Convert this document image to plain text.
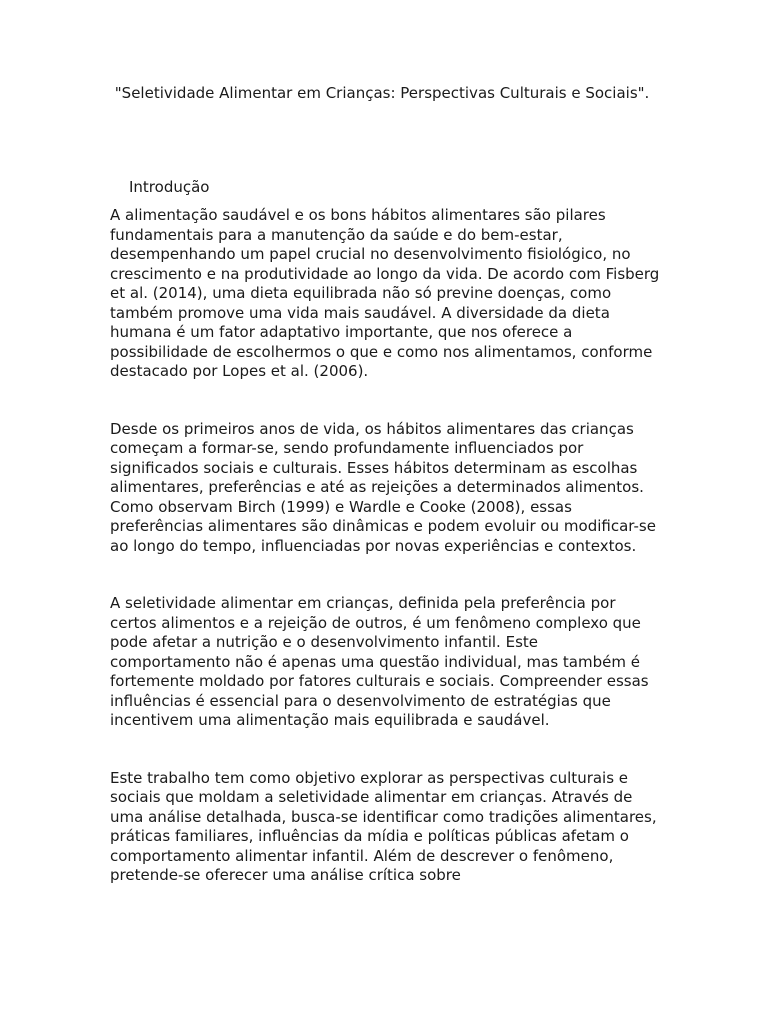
"Seletividade Alimentar em Crianças: Perspectivas Culturais e Sociais".
Introdução

A alimentação saudável e os bons hábitos alimentares são pilares fundamentais para a manutenção da saúde e do bem-estar, desempenhando um papel crucial no desenvolvimento fisiológico, no crescimento e na produtividade ao longo da vida. De acordo com Fisberg et al. (2014), uma dieta equilibrada não só previne doenças, como também promove uma vida mais saudável. A diversidade da dieta humana é um fator adaptativo importante, que nos oferece a possibilidade de escolhermos o que e como nos alimentamos, conforme destacado por Lopes et al. (2006).

Desde os primeiros anos de vida, os hábitos alimentares das crianças começam a formar-se, sendo profundamente influenciados por significados sociais e culturais. Esses hábitos determinam as escolhas alimentares, preferências e até as rejeições a determinados alimentos. Como observam Birch (1999) e Wardle e Cooke (2008), essas preferências alimentares são dinâmicas e podem evoluir ou modificar-se ao longo do tempo, influenciadas por novas experiências e contextos.

A seletividade alimentar em crianças, definida pela preferência por certos alimentos e a rejeição de outros, é um fenômeno complexo que pode afetar a nutrição e o desenvolvimento infantil. Este comportamento não é apenas uma questão individual, mas também é fortemente moldado por fatores culturais e sociais. Compreender essas influências é essencial para o desenvolvimento de estratégias que incentivem uma alimentação mais equilibrada e saudável.

Este trabalho tem como objetivo explorar as perspectivas culturais e sociais que moldam a seletividade alimentar em crianças. Através de uma análise detalhada, busca-se identificar como tradições alimentares, práticas familiares, influências da mídia e políticas públicas afetam o comportamento alimentar infantil. Além de descrever o fenômeno, pretende-se oferecer uma análise crítica sobre
